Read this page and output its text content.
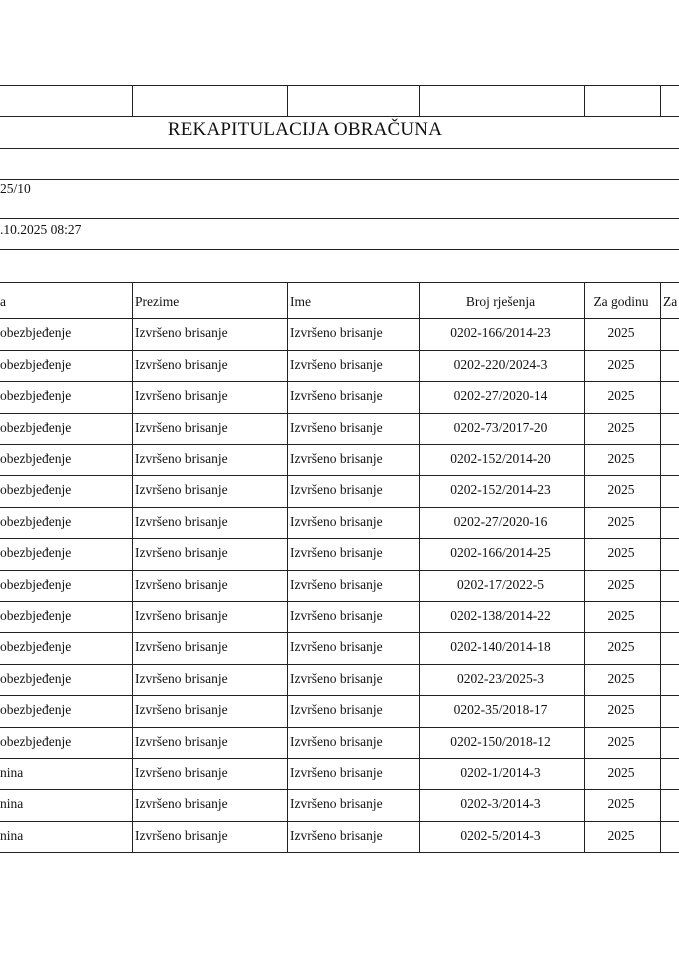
REKAPITULACIJA OBRAČUNA
25/10
.10.2025 08:27
a	Prezime	Ime	Broj rješenja	Za godinu	Za
obezbjeđenje	Izvršeno brisanje	Izvršeno brisanje	0202-166/2014-23	2025
obezbjeđenje	Izvršeno brisanje	Izvršeno brisanje	0202-220/2024-3	2025
obezbjeđenje	Izvršeno brisanje	Izvršeno brisanje	0202-27/2020-14	2025
obezbjeđenje	Izvršeno brisanje	Izvršeno brisanje	0202-73/2017-20	2025
obezbjeđenje	Izvršeno brisanje	Izvršeno brisanje	0202-152/2014-20	2025
obezbjeđenje	Izvršeno brisanje	Izvršeno brisanje	0202-152/2014-23	2025
obezbjeđenje	Izvršeno brisanje	Izvršeno brisanje	0202-27/2020-16	2025
obezbjeđenje	Izvršeno brisanje	Izvršeno brisanje	0202-166/2014-25	2025
obezbjeđenje	Izvršeno brisanje	Izvršeno brisanje	0202-17/2022-5	2025
obezbjeđenje	Izvršeno brisanje	Izvršeno brisanje	0202-138/2014-22	2025
obezbjeđenje	Izvršeno brisanje	Izvršeno brisanje	0202-140/2014-18	2025
obezbjeđenje	Izvršeno brisanje	Izvršeno brisanje	0202-23/2025-3	2025
obezbjeđenje	Izvršeno brisanje	Izvršeno brisanje	0202-35/2018-17	2025
obezbjeđenje	Izvršeno brisanje	Izvršeno brisanje	0202-150/2018-12	2025
nina	Izvršeno brisanje	Izvršeno brisanje	0202-1/2014-3	2025
nina	Izvršeno brisanje	Izvršeno brisanje	0202-3/2014-3	2025
nina	Izvršeno brisanje	Izvršeno brisanje	0202-5/2014-3	2025
